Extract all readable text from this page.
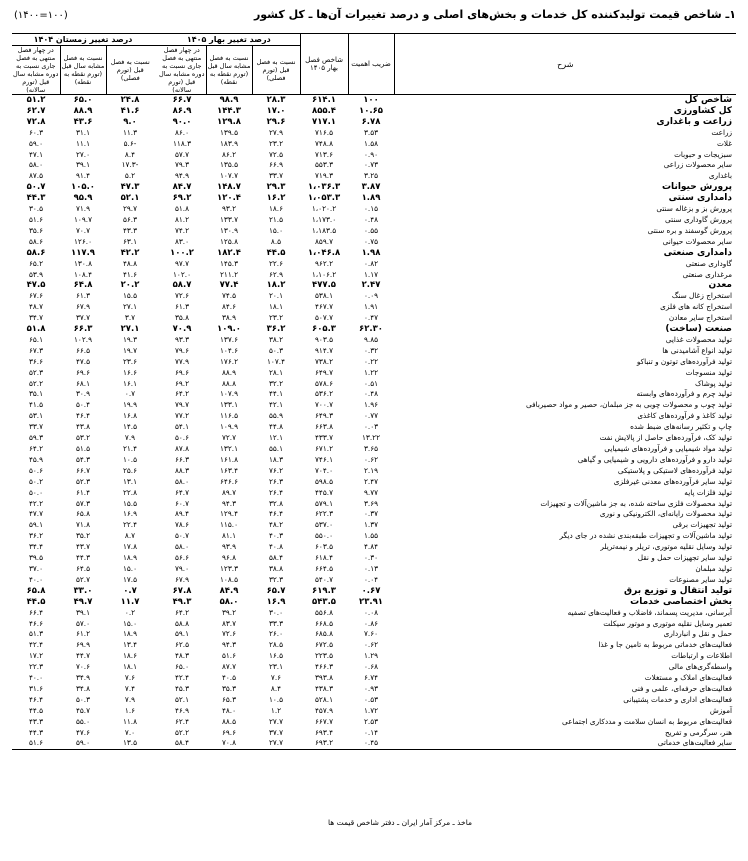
۱ـ شاخص قیمت تولیدکننده کل خدمات و بخش‌های اصلی و درصد تغییرات آن‌ها ـ کل کشور
(۱۴۰۰=۱۰۰)
درصد تغییر زمستان ۱۴۰۴				درصد تغییر بهار ۱۴۰۵			شاخص فصل بهار ۱۴۰۵	ضریب اهمیت	شرح
در چهار فصل منتهی به فصل جاری نسبت به دوره مشابه سال قبل (تورم سالانه)	نسبت به فصل مشابه سال قبل (تورم نقطه به نقطه)	نسبت به فصل قبل (تورم فصلی)		در چهار فصل منتهی به فصل جاری نسبت به دوره مشابه سال قبل (تورم سالانه)	نسبت به فصل مشابه سال قبل (تورم نقطه به نقطه)	نسبت به فصل قبل (تورم فصلی)			
۵۱.۲	۶۵.۰	۲۴.۸		۶۶.۷	۹۸.۹	۲۸.۳	۶۱۴.۱	۱۰۰	شاخص کل
۶۲.۷	۸۸.۹	۴۱.۶		۸۶.۹	۱۴۴.۳	۱۷.۰	۸۵۵.۴	۱۰.۶۵	کل کشاورزی
۷۲.۸	۴۳.۶	۹.۰		۹۰.۰	۱۲۹.۸	۲۹.۶	۷۱۷.۱	۶.۷۸	زراعت و باغداری
۶۰.۳	۳۱.۱	۱۱.۳		۸۶.۰	۱۳۹.۵	۲۷.۹	۷۱۶.۵	۳.۵۳	زراعت
۵۹.۰	۱۱.۱	۵.۶-		۱۱۸.۳	۱۸۳.۹	۲۳.۲	۷۴۸.۸	۱.۵۸	غلات
۴۷.۱	۲۷.۰	۸.۴		۵۷.۷	۸۶.۲	۷۲.۵	۷۱۳.۶	۰.۹۰	سبزیجات و حبوبات
۵۸.۰	۳۹.۱	۱۷.۳-		۷۹.۳	۱۳۵.۵	۶۶.۹	۵۵۳.۳	۰.۷۳	سایر محصولات زراعی
۸۷.۵	۹۱.۴	۵.۲		۹۴.۹	۱۰۷.۷	۳۳.۷	۷۱۹.۳	۳.۲۵	باغداری
۵۰.۷	۱۰۵.۰	۴۷.۳		۸۴.۷	۱۴۸.۷	۲۹.۳	۱،۰۳۶.۳	۳.۸۷	پرورش حیوانات
۴۴.۳	۹۵.۹	۵۲.۱		۶۹.۲	۱۲۰.۴	۱۶.۲	۱،۰۵۳.۳	۱.۸۹	دامداری سنتی
۳۰.۵	۷۱.۹	۲۹.۷		۵۱.۸	۹۳.۲	۱۸.۶	۱،۰۲۰.۲	۰.۱۵	پرورش بز و بزغاله سنتی
۵۱.۶	۱۰۹.۷	۵۶.۳		۸۱.۲	۱۳۳.۷	۲۱.۵	۱،۱۷۳.۰	۰.۴۸	پرورش گاوداری سنتی
۳۵.۶	۷۰.۷	۴۳.۳		۷۴.۲	۱۳۰.۹	۱۵.۰	۱،۱۸۳.۵	۰.۵۵	پرورش گوسفند و بره سنتی
۵۸.۶	۱۲۶.۰	۶۳.۱		۸۳.۰	۱۲۵.۸	۸.۵	۸۵۹.۷	۰.۷۵	سایر محصولات حیوانی
۵۸.۶	۱۱۷.۹	۴۲.۲		۱۰۰.۲	۱۸۲.۴	۴۴.۵	۱،۰۴۶.۸	۱.۹۸	دامداری صنعتی
۶۵.۲	۱۳۰.۸	۴۸.۸		۹۷.۷	۱۴۵.۳	۲۲.۶	۹۶۲.۲	۰.۸۲	گاوداری صنعتی
۵۳.۹	۱۰۸.۴	۴۱.۶		۱۰۲.۰	۲۱۱.۲	۶۲.۹	۱،۱۰۶.۲	۱.۱۷	مرغداری صنعتی
۴۷.۵	۶۴.۸	۲۰.۲		۵۸.۷	۷۷.۴	۱۸.۲	۴۷۷.۵	۲.۴۷	معدن
۶۷.۶	۶۱.۳	۱۵.۵		۷۲.۶	۷۴.۵	۲۰.۱	۵۳۸.۱	۰.۰۹	استخراج زغال سنگ
۴۸.۷	۶۷.۹	۲۷.۱		۶۱.۳	۸۴.۶	۱۸.۱	۴۶۷.۷	۱.۹۱	استخراج کانه های فلزی
۳۴.۷	۳۷.۷	۳.۷		۳۵.۸	۳۸.۹	۲۳.۲	۵۰۷.۷	۰.۴۷	استخراج سایر معادن
۵۱.۸	۶۶.۳	۲۷.۱		۷۰.۹	۱۰۹.۰	۳۶.۲	۶۰۵.۳	۶۲.۳۰	صنعت (ساخت)
۶۵.۱	۱۰۲.۹	۱۹.۳		۹۳.۳	۱۳۷.۶	۳۸.۲	۹۰۳.۵	۹.۸۵	تولید محصولات غذایی
۶۷.۳	۶۶.۵	۱۹.۷		۷۹.۶	۱۰۴.۶	۵۰.۳	۹۱۴.۷	۰.۳۲	تولید انواع آشامیدنی ها
۳۶.۶	۴۷.۵	۲۳.۶		۷۷.۹	۱۷۶.۲	۱۰۷.۴	۷۳۸.۲	۰.۲۲	تولید فرآورده‌های توتون و تنباکو
۵۲.۳	۶۹.۶	۱۶.۶		۶۹.۶	۸۸.۹	۲۸.۱	۶۴۹.۷	۱.۲۲	تولید منسوجات
۵۲.۲	۶۸.۱	۱۶.۱		۶۹.۲	۸۸.۸	۳۲.۲	۵۷۸.۶	۰.۵۱	تولید پوشاک
۳۵.۱	۳۰.۹	۰.۷		۶۴.۲	۱۰۷.۹	۴۴.۱	۵۳۶.۲	۰.۴۸	تولید چرم و فرآورده‌های وابسته
۴۱.۵	۵۰.۴	۱۹.۹		۷۹.۷	۱۳۳.۱	۴۲.۱	۷۰۰.۷	۱.۹۶	تولید چوب و محصولات چوبی به جز مبلمان، حصیر و مواد حصیربافی
۵۳.۱	۴۶.۴	۱۶.۸		۷۷.۲	۱۱۶.۵	۵۵.۹	۶۴۹.۳	۰.۷۷	تولید کاغذ و فرآورده‌های کاغذی
۳۳.۷	۴۳.۸	۱۴.۵		۵۴.۱	۱۰۹.۹	۴۴.۸	۶۶۳.۸	۰.۰۳	چاپ و تکثیر رسانه‌های ضبط شده
۵۹.۳	۵۳.۲	۷.۹		۵۰.۶	۷۲.۷	۱۲.۱	۴۳۳.۷	۱۳.۲۲	تولید کک، فرآورده‌های حاصل از پالایش نفت
۶۴.۲	۵۱.۵	۲۱.۴		۸۷.۸	۱۳۲.۱	۵۵.۱	۶۷۱.۲	۳.۶۵	تولید مواد شیمیایی و فرآورده‌های شیمیایی
۴۵.۹	۵۴.۳	۱۰.۵		۶۶.۳	۱۶۱.۸	۱۸.۳	۷۴۶.۱	۰.۶۲	تولید دارو و فرآورده‌های دارویی و شیمیایی و گیاهی
۵۰.۶	۶۶.۷	۲۵.۶		۸۸.۳	۱۶۳.۴	۷۶.۲	۷۰۴.۰	۲.۱۹	تولید فرآورده‌های لاستیکی و پلاستیکی
۵۰.۲	۵۲.۳	۱۳.۱		۵۸.۰	۶۴۶.۶	۲۶.۳	۵۹۸.۵	۲.۴۷	تولید سایر فرآورده‌های معدنی غیرفلزی
۵۰.۰	۶۱.۴	۲۲.۸		۶۴.۷	۸۹.۷	۲۶.۴	۴۴۵.۷	۹.۷۷	تولید فلزات پایه
۴۲.۲	۵۷.۳	۱۵.۵		۶۰.۷	۹۴.۳	۳۲.۸	۵۷۹.۱	۳.۶۹	تولید محصولات فلزی ساخته شده، به جز ماشین‌آلات و تجهیزات
۴۷.۷	۶۵.۸	۱۶.۹		۸۹.۴	۱۲۹.۴	۴۶.۴	۶۲۲.۳	۰.۳۷	تولید محصولات رایانه‌ای، الکترونیکی و نوری
۵۹.۱	۷۱.۸	۲۲.۴		۷۸.۶	۱۱۵.۰	۴۸.۲	۵۳۷.۰	۱.۳۷	تولید تجهیزات برقی
۳۶.۲	۳۵.۲	۸.۷		۵۰.۷	۸۱.۱	۴۰.۳	۵۵۰.۰	۱.۵۵	تولید ماشین‌آلات و تجهیزات طبقه‌بندی نشده در جای دیگر
۳۴.۴	۴۳.۷	۱۷.۸		۵۸.۰	۹۳.۹	۴۰.۸	۶۰۳.۵	۴.۸۴	تولید وسایل نقلیه موتوری، تریلر و نیمه‌تریلر
۳۹.۵	۴۴.۳	۱۸.۹		۵۶.۶	۹۶.۸	۵۸.۴	۶۱۸.۴	۰.۳۰	تولید سایر تجهیزات حمل و نقل
۳۷.۰	۶۴.۵	۱۵.۰		۷۹.۰	۱۲۳.۳	۳۸.۸	۶۶۴.۵	۰.۱۳	تولید مبلمان
۴۰.۰	۵۲.۷	۱۷.۵		۶۷.۹	۱۰۸.۵	۳۲.۳	۵۴۰.۷	۰.۰۴	تولید سایر مصنوعات
۶۵.۸	۳۳.۰	۰.۷		۶۷.۸	۸۴.۹	۶۵.۷	۶۱۹.۳	۰.۶۷	تولید انتقال و توزیع برق
۴۴.۵	۴۹.۷	۱۱.۷		۴۹.۳	۵۸.۰	۱۶.۹	۵۴۳.۵	۲۳.۹۱	بخش اختصاصی خدمات
۶۶.۴	۳۹.۱	۰.۲		۶۴.۲	۳۹.۲	۳۰.۰	۵۵۶.۸	۰.۰۸	آبرسانی، مدیریت پسماند، فاضلاب و فعالیت‌های تصفیه
۴۶.۶	۵۷.۰	۱۵.۰		۵۸.۸	۸۳.۷	۳۳.۳	۶۶۸.۵	۰.۸۶	تعمیر وسایل نقلیه موتوری و موتور سیکلت
۵۱.۳	۶۱.۲	۱۸.۹		۵۹.۱	۷۲.۶	۲۶.۰	۶۸۵.۸	۷.۶۰	حمل و نقل و انبارداری
۴۲.۴	۶۹.۹	۱۳.۴		۶۲.۵	۹۴.۳	۲۸.۵	۶۷۲.۵	۰.۶۲	فعالیت‌های خدماتی مربوط به تامین جا و غذا
۱۷.۲	۴۴.۷	۱۸.۶		۴۸.۳	۵۱.۶	۱۶.۵	۲۲۳.۵	۱.۲۹	اطلاعات و ارتباطات
۲۲.۳	۷۰.۶	۱۸.۱		۶۵.۰	۸۷.۷	۲۳.۱	۴۶۶.۳	۰.۶۸	واسطه‌گری‌های مالی
۴۰.۰	۳۴.۹	۷.۶		۴۲.۴	۴۰.۵	۷.۶	۳۹۳.۸	۶.۷۴	فعالیت‌های املاک و مستغلات
۳۱.۶	۳۴.۸	۷.۴		۴۵.۳	۳۵.۳	۸.۴	۴۳۸.۳	۰.۹۳	فعالیت‌های حرفه‌ای، علمی و فنی
۴۶.۴	۵۰.۳	۷.۹		۵۲.۱	۶۵.۳	۱۰.۵	۵۲۸.۱	۰.۵۳	فعالیت‌های اداری و خدمات پشتیبانی
۴۴.۵	۴۵.۷	۱.۶		۴۶.۹	۴۸.۰	۱.۲	۴۵۷.۹	۱.۷۲	آموزش
۴۳.۳	۵۵.۰	۱۱.۸		۶۲.۴	۸۸.۵	۲۷.۷	۶۶۷.۷	۲.۵۳	فعالیت‌های مربوط به انسان سلامت و مددکاری اجتماعی
۴۴.۳	۴۷.۶	۷.۰		۵۲.۲	۶۹.۶	۳۷.۷	۶۹۳.۴	۰.۱۴	هنر، سرگرمی و تفریح
۵۱.۶	۵۹.۰	۱۳.۵		۵۸.۴	۷۰.۸	۲۷.۷	۶۹۳.۲	۰.۴۵	سایر فعالیت‌های خدماتی
ماخذ ـ مرکز آمار ایران ـ دفتر شاخص قیمت ها
